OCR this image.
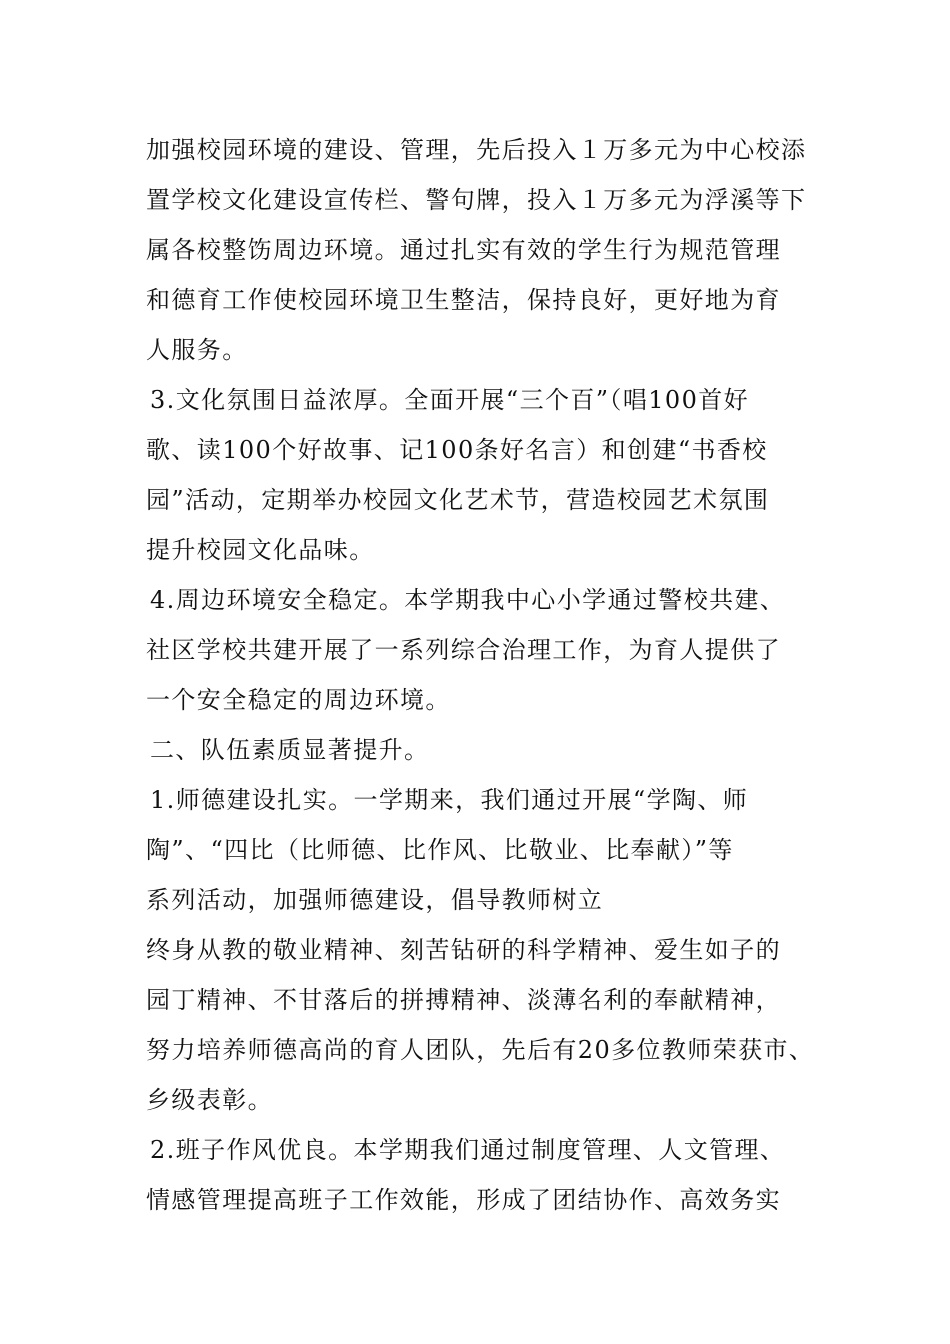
加强校园环境的建设、管理，先后投入１万多元为中心校添
置学校文化建设宣传栏、警句牌，投入１万多元为浮溪等下
属各校整饬周边环境。通过扎实有效的学生行为规范管理
和德育工作使校园环境卫生整洁，保持良好，更好地为育
人服务。
3.文化氛围日益浓厚。全面开展“三个百”（唱100首好
歌、读100个好故事、记100条好名言）和创建“书香校
园”活动，定期举办校园文化艺术节，营造校园艺术氛围
提升校园文化品味。
4.周边环境安全稳定。本学期我中心小学通过警校共建、
社区学校共建开展了一系列综合治理工作，为育人提供了
一个安全稳定的周边环境。
二、队伍素质显著提升。
1.师德建设扎实。一学期来，我们通过开展“学陶、师
陶”、“四比（比师德、比作风、比敬业、比奉献）”等
系列活动，加强师德建设，倡导教师树立
终身从教的敬业精神、刻苦钻研的科学精神、爱生如子的
园丁精神、不甘落后的拼搏精神、淡薄名利的奉献精神，
努力培养师德高尚的育人团队，先后有20多位教师荣获市、
乡级表彰。
2.班子作风优良。本学期我们通过制度管理、人文管理、
情感管理提高班子工作效能，形成了团结协作、高效务实
